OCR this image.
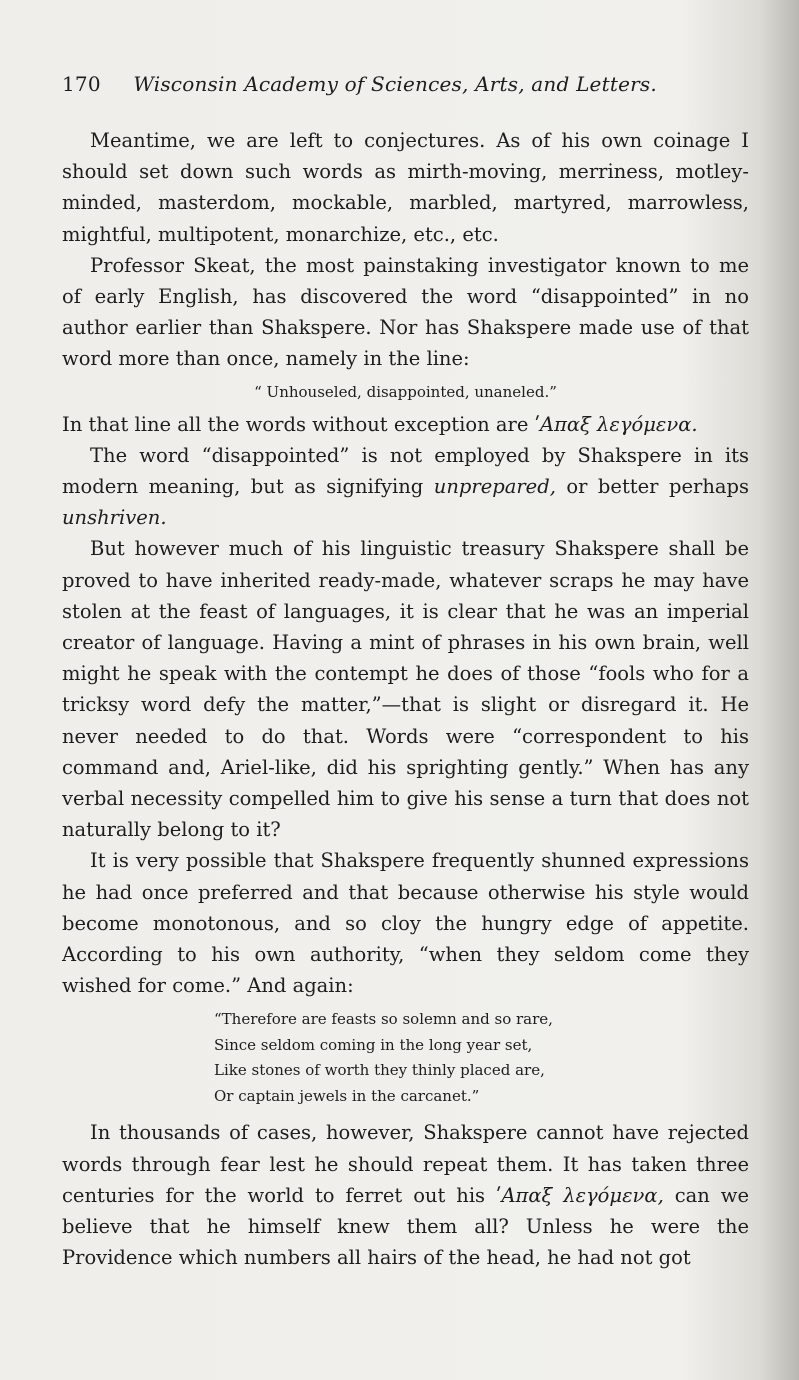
170 Wisconsin Academy of Sciences, Arts, and Letters.

Meantime, we are left to conjectures. As of his own coinage I should set down such words as mirth-moving, merriness, motley-minded, masterdom, mockable, marbled, martyred, marrowless, mightful, multipotent, monarchize, etc., etc.

Professor Skeat, the most painstaking investigator known to me of early English, has discovered the word “disappointed” in no author earlier than Shakspere. Nor has Shakspere made use of that word more than once, namely in the line:

“ Unhouseled, disappointed, unaneled.”

In that line all the words without exception are ʹΑπαξ λεγόμενα.

The word “disappointed” is not employed by Shakspere in its modern meaning, but as signifying unprepared, or better perhaps unshriven.

But however much of his linguistic treasury Shakspere shall be proved to have inherited ready-made, whatever scraps he may have stolen at the feast of languages, it is clear that he was an imperial creator of language. Having a mint of phrases in his own brain, well might he speak with the contempt he does of those “fools who for a tricksy word defy the matter,”—that is slight or disregard it. He never needed to do that. Words were “correspondent to his command and, Ariel-like, did his sprighting gently.” When has any verbal necessity compelled him to give his sense a turn that does not naturally belong to it?

It is very possible that Shakspere frequently shunned expressions he had once preferred and that because otherwise his style would become monotonous, and so cloy the hungry edge of appetite. According to his own authority, “when they seldom come they wished for come.” And again:

“Therefore are feasts so solemn and so rare,
Since seldom coming in the long year set,
Like stones of worth they thinly placed are,
Or captain jewels in the carcanet.”

In thousands of cases, however, Shakspere cannot have rejected words through fear lest he should repeat them. It has taken three centuries for the world to ferret out his ʹΑπαξ λεγόμενα, can we believe that he himself knew them all? Unless he were the Providence which numbers all hairs of the head, he had not got
